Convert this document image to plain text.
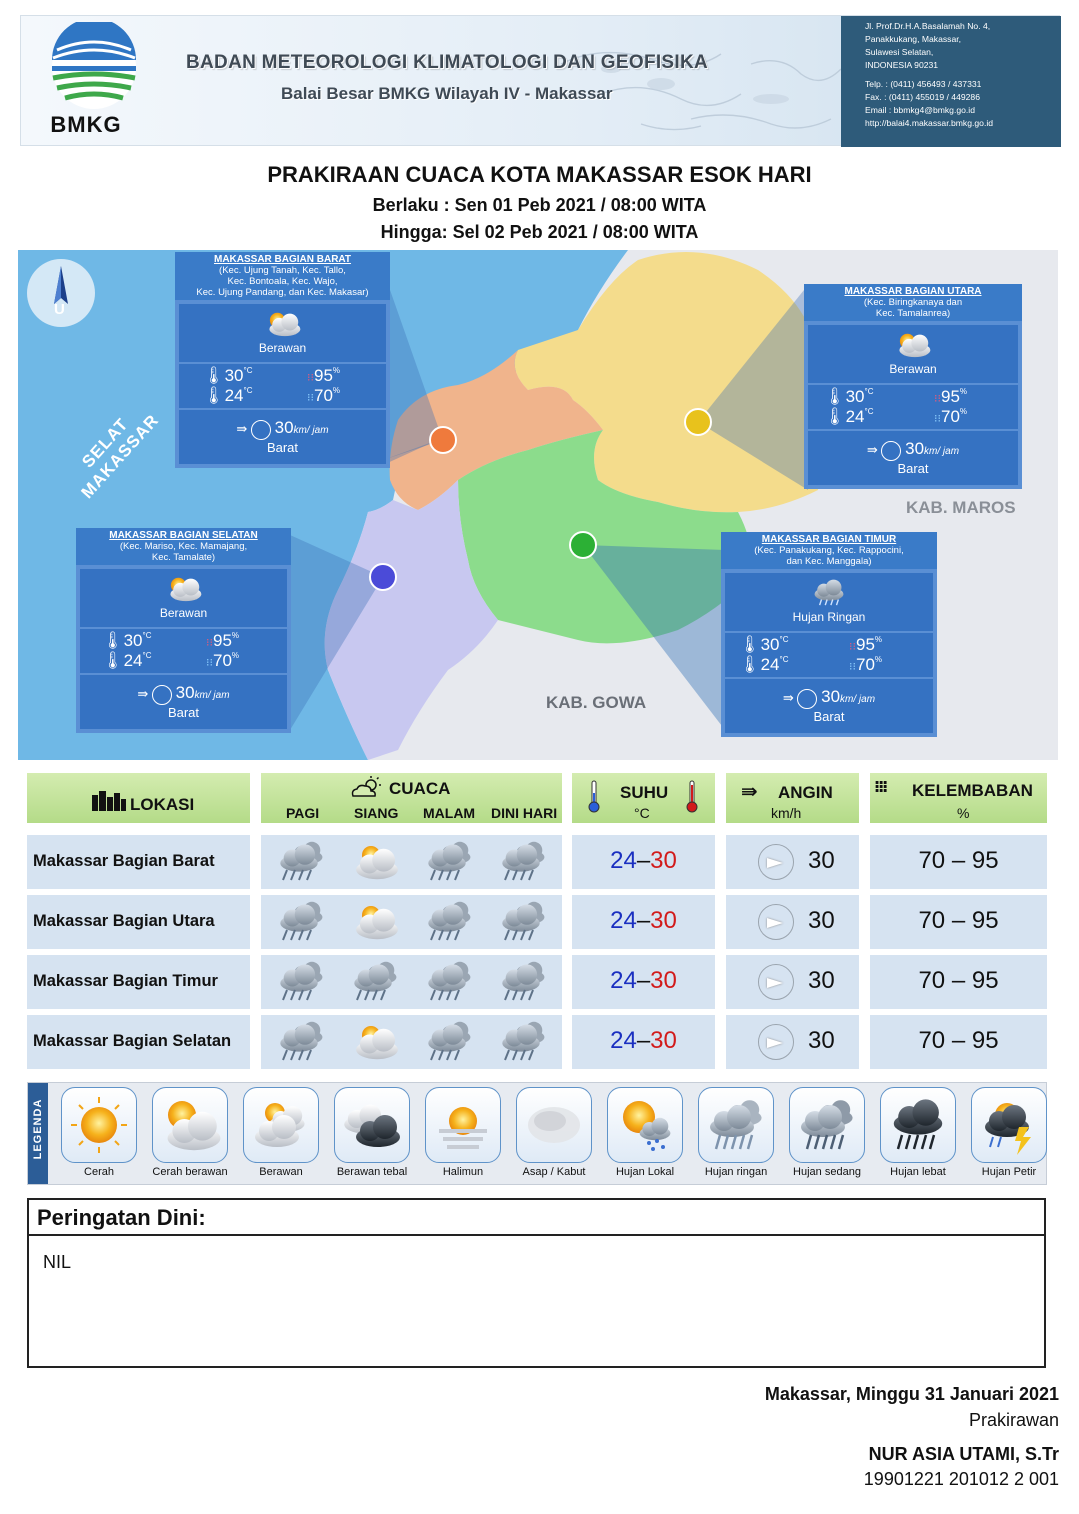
BMKG
BADAN METEOROLOGI KLIMATOLOGI DAN GEOFISIKA
Balai Besar BMKG Wilayah IV - Makassar
Jl. Prof.Dr.H.A.Basalamah No. 4,
Panakkukang, Makassar,
Sulawesi Selatan,
INDONESIA 90231
Telp. : (0411) 456493 / 437331
Fax. : (0411) 455019 / 449286
Email : bbmkg4@bmkg.go.id
http://balai4.makassar.bmkg.go.id
PRAKIRAAN CUACA KOTA MAKASSAR ESOK HARI
Berlaku : Sen 01 Peb 2021 / 08:00 WITA
Hingga: Sel 02 Peb 2021 / 08:00 WITA
U
SELAT MAKASSAR
KAB. MAROS
KAB. GOWA
MAKASSAR BAGIAN BARAT
(Kec. Ujung Tanah, Kec. Tallo,
Kec. Bontoala, Kec. Wajo,
Kec. Ujung Pandang, dan Kec. Makasar)
Berawan
$🌡30^{^\circ C}$
$🌡24^{^\circ C}$
⁝⁝95%
⁝⁝70%
⇛ 30km/ jam
Barat
MAKASSAR BAGIAN UTARA
(Kec. Biringkanaya dan
Kec. Tamalanrea)
Berawan
$🌡30^{^\circ C}$
$🌡24^{^\circ C}$
⁝⁝95%
⁝⁝70%
⇛ 30km/ jam
Barat
MAKASSAR BAGIAN SELATAN
(Kec. Mariso, Kec. Mamajang,
Kec. Tamalate)
Berawan
$🌡30^{^\circ C}$
$🌡24^{^\circ C}$
⁝⁝95%
⁝⁝70%
⇛ 30km/ jam
Barat
MAKASSAR BAGIAN TIMUR
(Kec. Panakukang, Kec. Rappocini,
dan Kec. Manggala)
Hujan Ringan
$🌡30^{^\circ C}$
$🌡24^{^\circ C}$
⁝⁝95%
⁝⁝70%
⇛ 30km/ jam
Barat
LOKASI
CUACA
PAGI SIANG MALAM DINI HARI
SUHU
°C
⇛ ANGIN
km/h
⁝⁝⁝ KELEMBABAN
%
Makassar Bagian Barat	24–30	30	70 – 95
Makassar Bagian Utara	24–30	30	70 – 95
Makassar Bagian Timur	24–30	30	70 – 95
Makassar Bagian Selatan	24–30	30	70 – 95
LEGENDA
Cerah	Cerah berawan	Berawan	Berawan tebal	Halimun	Asap / Kabut	Hujan Lokal	Hujan ringan	Hujan sedang	Hujan lebat	Hujan Petir
Peringatan Dini:
NIL
Makassar, Minggu 31 Januari 2021
Prakirawan
NUR ASIA UTAMI, S.Tr
19901221 201012 2 001
